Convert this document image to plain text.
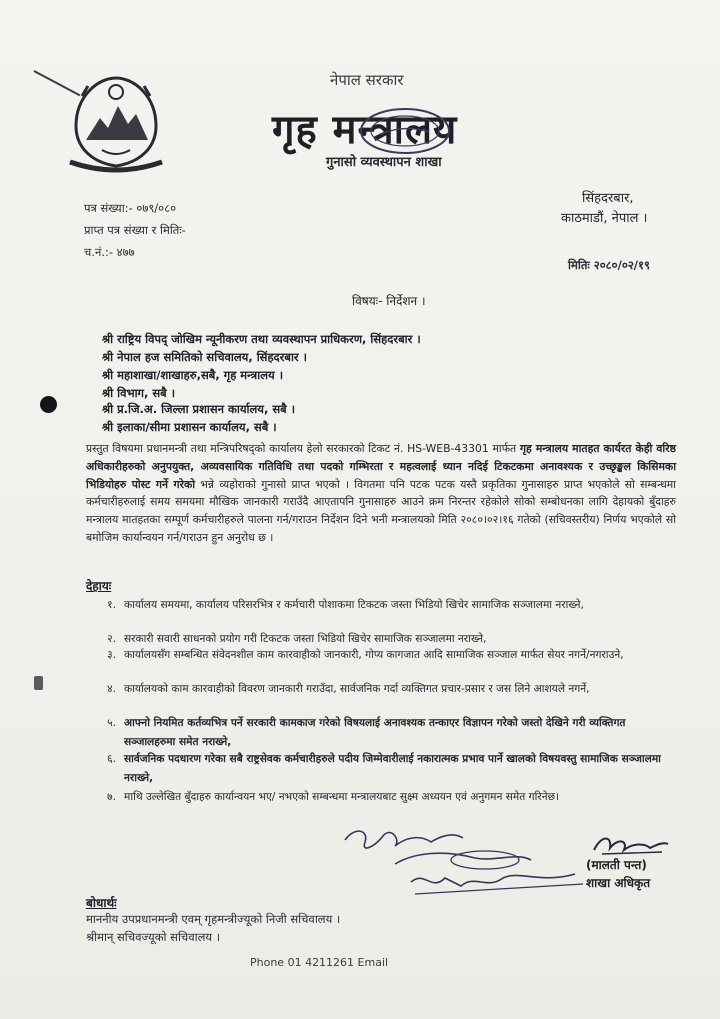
नेपाल सरकार
गृह मन्त्रालय
गुनासो व्यवस्थापन शाखा
पत्र संख्या:- ०७९/०८०
प्राप्त पत्र संख्या र मितिः-
च.नं.:- ४७७
सिंहदरबार,
काठमाडौं, नेपाल ।
मितिः २०८०/०२/१९
विषयः- निर्देशन ।
श्री राष्ट्रिय विपद् जोखिम न्यूनीकरण तथा व्यवस्थापन प्राधिकरण, सिंहदरबार ।
श्री नेपाल हज समितिको सचिवालय, सिंहदरबार ।
श्री महाशाखा/शाखाहरु,सबै, गृह मन्त्रालय ।
श्री विभाग, सबै ।
श्री प्र.जि.अ. जिल्ला प्रशासन कार्यालय, सबै ।
श्री इलाका/सीमा प्रशासन कार्यालय, सबै ।
प्रस्तुत विषयमा प्रधानमन्त्री तथा मन्त्रिपरिषद्को कार्यालय हेलो सरकारको टिकट नं. HS-WEB-43301 मार्फत गृह मन्त्रालय मातहत कार्यरत केही वरिष्ठ अधिकारीहरुको अनुपयुक्त, अव्यवसायिक गतिविधि तथा पदको गम्भिरता र महत्वलाई ध्यान नदिई टिकटकमा अनावश्यक र उच्छृङ्खल किसिमका भिडियोहरु पोस्ट गर्ने गरेको भन्ने व्यहोराको गुनासो प्राप्त भएको । विगतमा पनि पटक पटक यस्तै प्रकृतिका गुनासाहरु प्राप्त भएकोले सो सम्बन्धमा कर्मचारीहरुलाई समय समयमा मौखिक जानकारी गराउँदै आएतापनि गुनासाहरु आउने क्रम निरन्तर रहेकोले सोको सम्बोधनका लागि देहायको बुँदाहरु मन्त्रालय मातहतका सम्पूर्ण कर्मचारीहरुले पालना गर्न/गराउन निर्देशन दिने भनी मन्त्रालयको मिति २०८०।०२।१६ गतेको (सचिवस्तरीय) निर्णय भएकोले सो बमोजिम कार्यान्वयन गर्न/गराउन हुन अनुरोध छ ।
देहायः
१. कार्यालय समयमा, कार्यालय परिसरभित्र र कर्मचारी पोशाकमा टिकटक जस्ता भिडियो खिचेर सामाजिक सञ्जालमा नराख्ने,
२. सरकारी सवारी साधनको प्रयोग गरी टिकटक जस्ता भिडियो खिचेर सामाजिक सञ्जालमा नराख्ने,
३. कार्यालयसँग सम्बन्धित संवेदनशील काम कारवाहीको जानकारी, गोप्य कागजात आदि सामाजिक सञ्जाल मार्फत सेयर नगर्ने/नगराउने,
४. कार्यालयको काम कारवाहीको विवरण जानकारी गराउँदा, सार्वजनिक गर्दा व्यक्तिगत प्रचार-प्रसार र जस लिने आशयले नगर्ने,
५. आफ्नो नियमित कर्तव्यभित्र पर्ने सरकारी कामकाज गरेको विषयलाई अनावश्यक तन्काएर विज्ञापन गरेको जस्तो देखिने गरी व्यक्तिगत सञ्जालहरुमा समेत नराख्ने,
६. सार्वजनिक पदधारण गरेका सबै राष्ट्रसेवक कर्मचारीहरुले पदीय जिम्मेवारीलाई नकारात्मक प्रभाव पार्ने खालको विषयवस्तु सामाजिक सञ्जालमा नराख्ने,
७. माथि उल्लेखित बुँदाहरु कार्यान्वयन भए/ नभएको सम्बन्धमा मन्त्रालयबाट सुक्ष्म अध्ययन एवं अनुगमन समेत गरिनेछ।
(मालती पन्त)
शाखा अधिकृत
बोधार्थः
माननीय उपप्रधानमन्त्री एवम् गृहमन्त्रीज्यूको निजी सचिवालय ।
श्रीमान् सचिवज्यूको सचिवालय ।
Phone 01 4211261 Email
